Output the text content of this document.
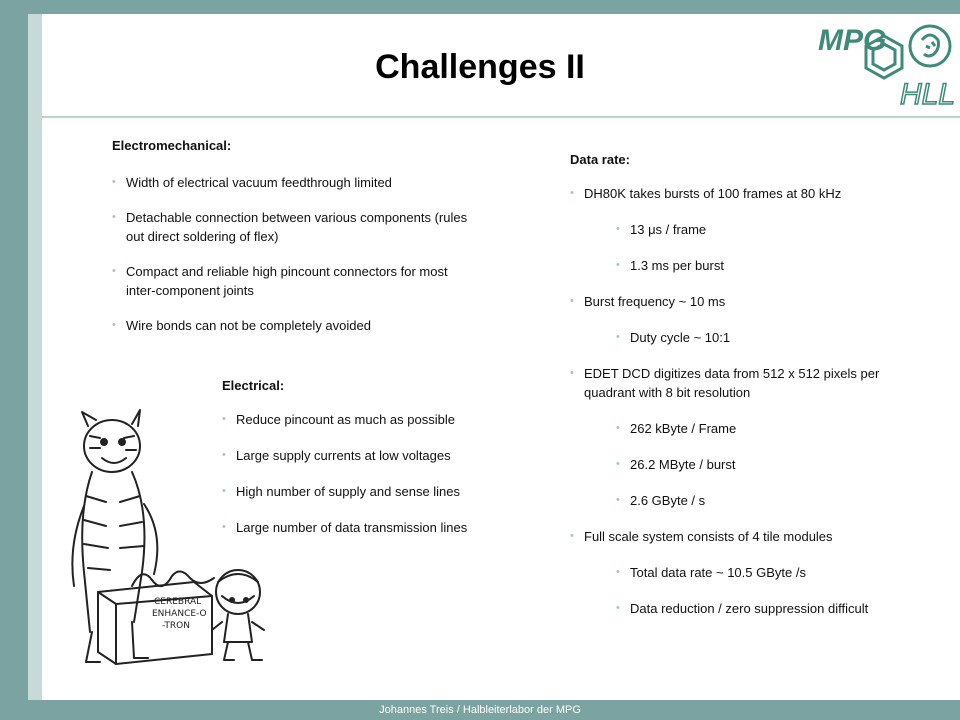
Challenges II
MPG
HLL
Electromechanical:
• Width of electrical vacuum feedthrough limited
• Detachable connection between various components (rules out direct soldering of flex)
• Compact and reliable high pincount connectors for most inter-component joints
• Wire bonds can not be completely avoided
Electrical:
• Reduce pincount as much as possible
• Large supply currents at low voltages
• High number of supply and sense lines
• Large number of data transmission lines
Data rate:
• DH80K takes bursts of 100 frames at 80 kHz
• 13 μs / frame
• 1.3 ms per burst
• Burst frequency ~ 10 ms
• Duty cycle ~ 10:1
• EDET DCD digitizes data from 512 x 512 pixels per quadrant with 8 bit resolution
• 262 kByte / Frame
• 26.2 MByte / burst
• 2.6 GByte / s
• Full scale system consists of 4 tile modules
• Total data rate ~ 10.5 GByte /s
• Data reduction / zero suppression difficult
CEREBRAL
ENHANCE-O
-TRON
Johannes Treis / Halbleiterlabor der MPG
